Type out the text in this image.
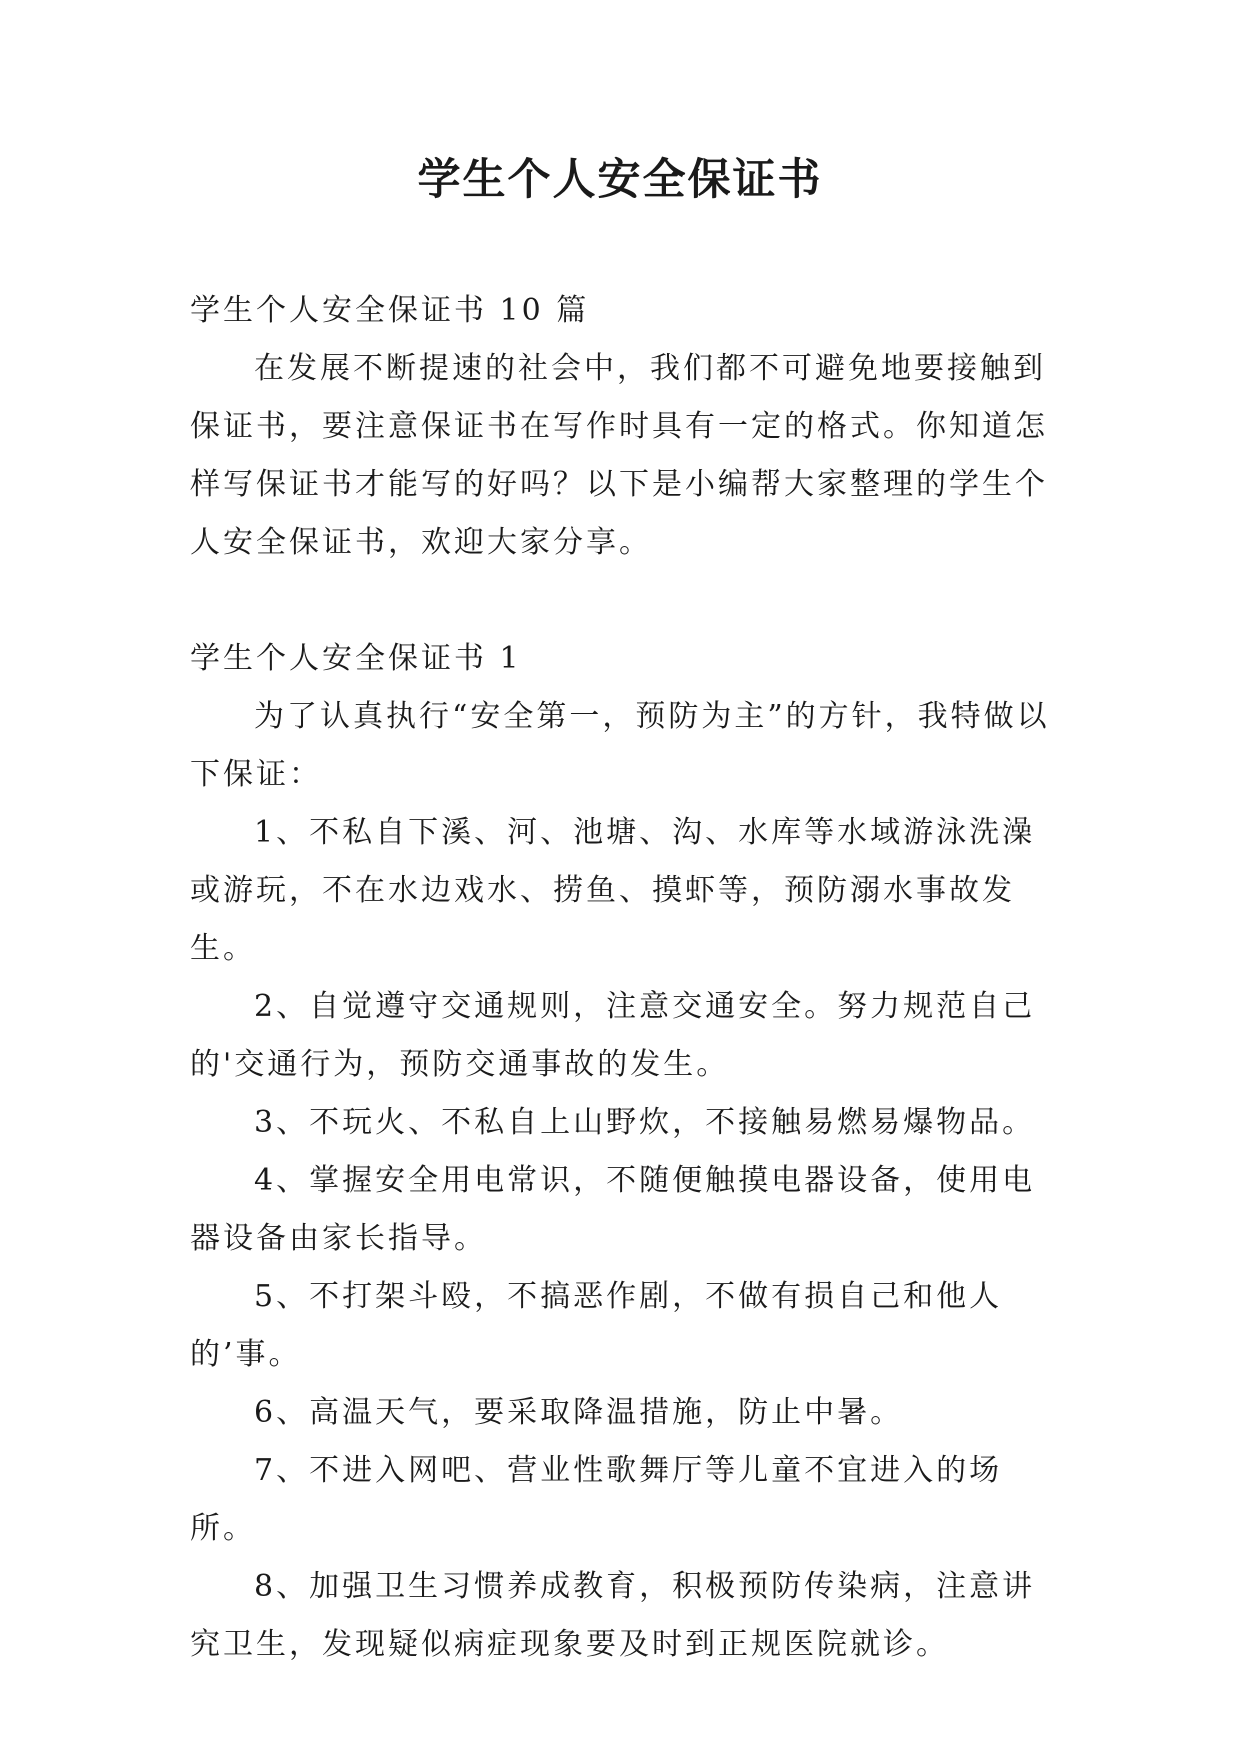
学生个人安全保证书

学生个人安全保证书 10 篇

在发展不断提速的社会中，我们都不可避免地要接触到保证书，要注意保证书在写作时具有一定的格式。你知道怎样写保证书才能写的好吗？以下是小编帮大家整理的学生个人安全保证书，欢迎大家分享。

学生个人安全保证书 1

为了认真执行“安全第一，预防为主”的方针，我特做以下保证：

1、不私自下溪、河、池塘、沟、水库等水域游泳洗澡或游玩，不在水边戏水、捞鱼、摸虾等，预防溺水事故发生。

2、自觉遵守交通规则，注意交通安全。努力规范自己的'交通行为，预防交通事故的发生。

3、不玩火、不私自上山野炊，不接触易燃易爆物品。

4、掌握安全用电常识，不随便触摸电器设备，使用电器设备由家长指导。

5、不打架斗殴，不搞恶作剧，不做有损自己和他人的’事。

6、高温天气，要采取降温措施，防止中暑。

7、不进入网吧、营业性歌舞厅等儿童不宜进入的场所。

8、加强卫生习惯养成教育，积极预防传染病，注意讲究卫生，发现疑似病症现象要及时到正规医院就诊。
